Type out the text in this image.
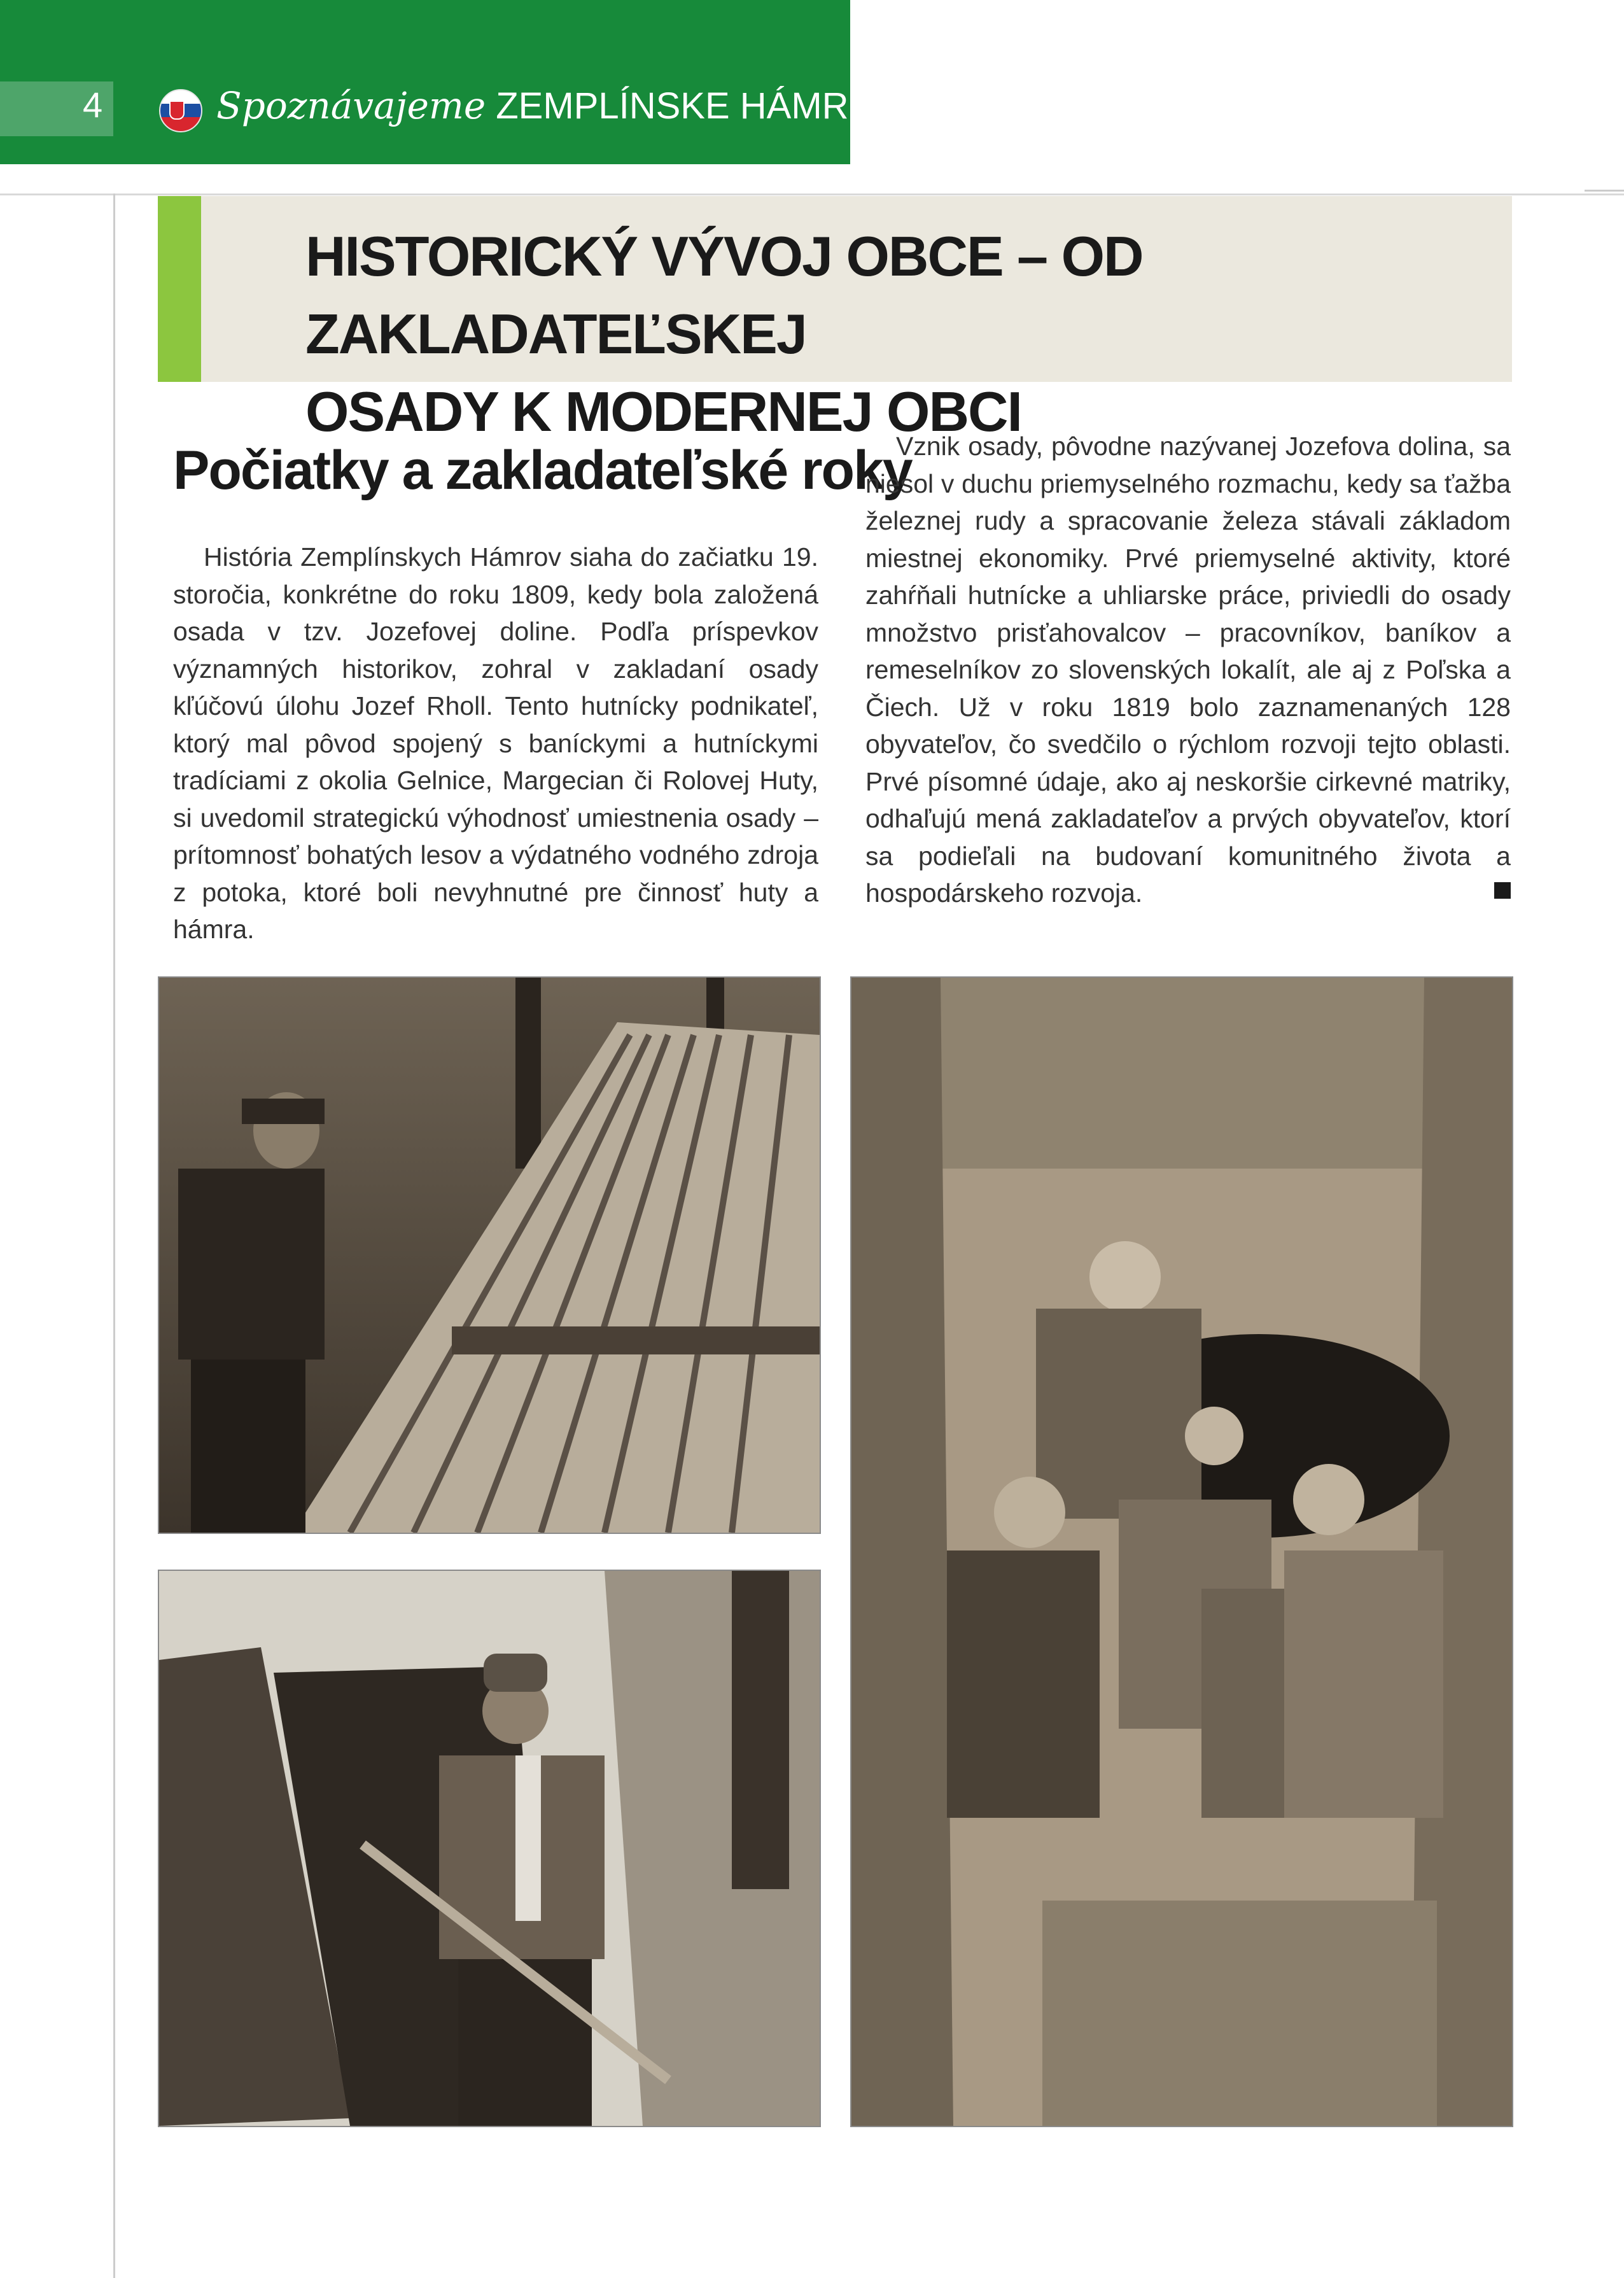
4	Spoznávajeme ZEMPLÍNSKE HÁMRE
HISTORICKÝ VÝVOJ OBCE – OD ZAKLADATEĽSKEJ
OSADY K MODERNEJ OBCI
Počiatky a zakladateľské roky
História Zemplínskych Hámrov siaha do začiatku 19. storočia, konkrétne do roku 1809, kedy bola založená osada v tzv. Jozefovej doline. Podľa príspevkov významných historikov, zohral v zakladaní osady kľúčovú úlohu Jozef Rholl. Tento hutnícky podnikateľ, ktorý mal pôvod spojený s baníckymi a hutníckymi tradíciami z okolia Gelnice, Margecian či Rolovej Huty, si uvedomil strategickú výhodnosť umiestnenia osady – prítomnosť bohatých lesov a výdatného vodného zdroja z potoka, ktoré boli nevyhnutné pre činnosť huty a hámra.
Vznik osady, pôvodne nazývanej Jozefova dolina, sa niesol v duchu priemyselného rozmachu, kedy sa ťažba železnej rudy a spracovanie železa stávali základom miestnej ekonomiky. Prvé priemyselné aktivity, ktoré zahŕňali hutnícke a uhliarske práce, priviedli do osady množstvo prisťahovalcov – pracovníkov, baníkov a remeselníkov zo slovenských lokalít, ale aj z Poľska a Čiech. Už v roku 1819 bolo zaznamenaných 128 obyvateľov, čo svedčilo o rýchlom rozvoji tejto oblasti. Prvé písomné údaje, ako aj neskoršie cirkevné matriky, odhaľujú mená zakladateľov a prvých obyvateľov, ktorí sa podieľali na budovaní komunitného života a hospodárskeho rozvoja.
